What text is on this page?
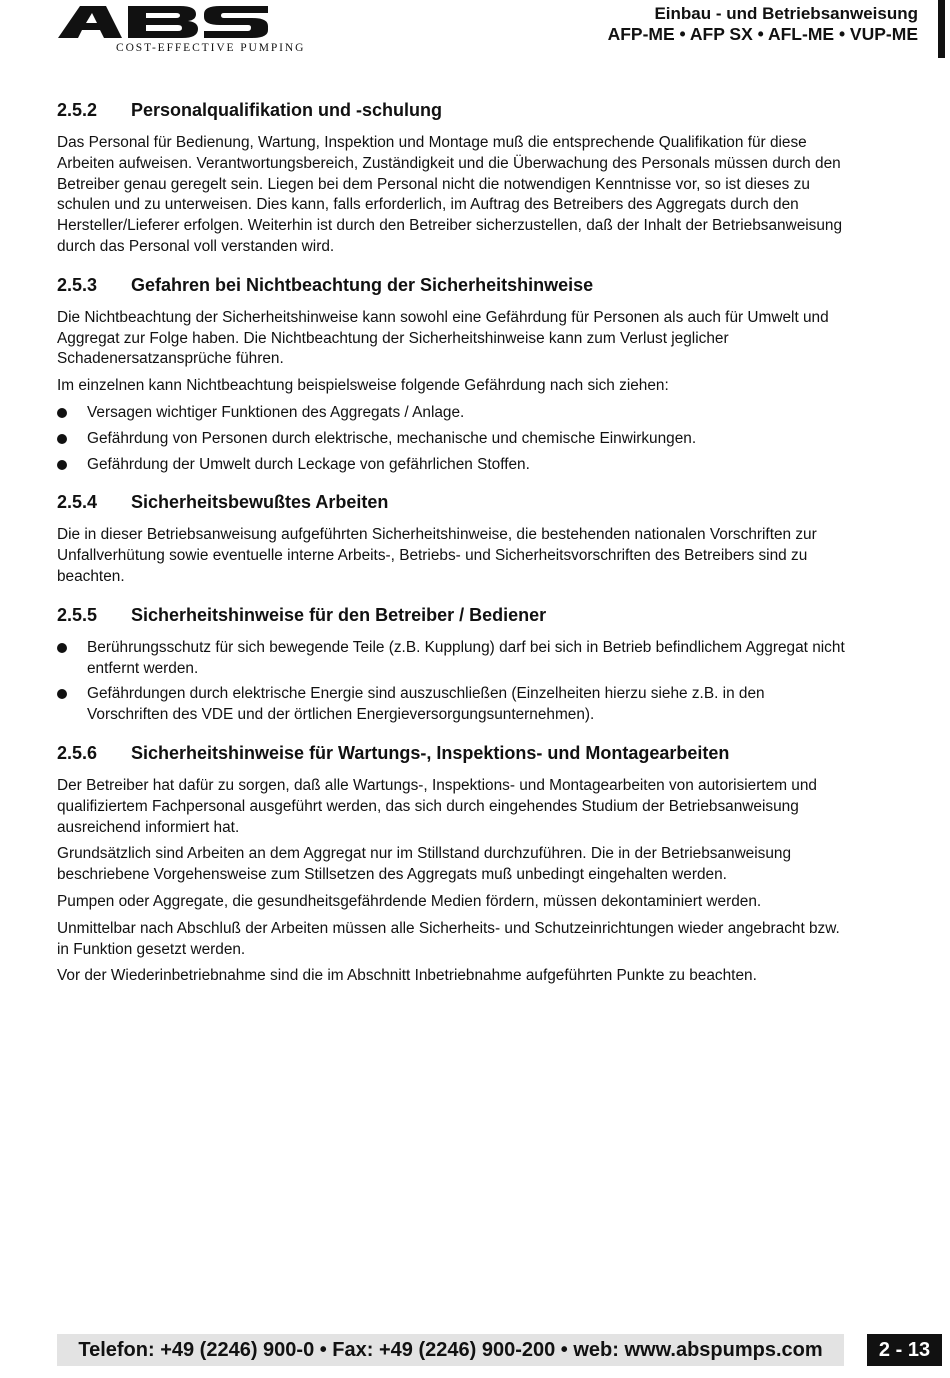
COST-EFFECTIVE PUMPING
Einbau - und Betriebsanweisung
AFP-ME • AFP SX • AFL-ME • VUP-ME
2.5.2	Personalqualifikation und -schulung

Das Personal für Bedienung, Wartung, Inspektion und Montage muß die entsprechende Qualifikation für diese Arbeiten aufweisen. Verantwortungsbereich, Zuständigkeit und die Überwachung des Personals müssen durch den Betreiber genau geregelt sein. Liegen bei dem Personal nicht die notwendigen Kenntnisse vor, so ist dieses zu schulen und zu unterweisen. Dies kann, falls erforderlich, im Auftrag des Betreibers des Aggregats durch den Hersteller/Lieferer erfolgen. Weiterhin ist durch den Betreiber sicherzustellen, daß der Inhalt der Betriebsanweisung durch das Personal voll verstanden wird.

2.5.3	Gefahren bei Nichtbeachtung der Sicherheitshinweise

Die Nichtbeachtung der Sicherheitshinweise kann sowohl eine Gefährdung für Personen als auch für Umwelt und Aggregat zur Folge haben. Die Nichtbeachtung der Sicherheitshinweise kann zum Verlust jeglicher Schadenersatzansprüche führen.

Im einzelnen kann Nichtbeachtung beispielsweise folgende Gefährdung nach sich ziehen:

Versagen wichtiger Funktionen des Aggregats / Anlage.
Gefährdung von Personen durch elektrische, mechanische und chemische Einwirkungen.
Gefährdung der Umwelt durch Leckage von gefährlichen Stoffen.
2.5.4	Sicherheitsbewußtes Arbeiten

Die in dieser Betriebsanweisung aufgeführten Sicherheitshinweise, die bestehenden nationalen Vorschriften zur Unfallverhütung sowie eventuelle interne Arbeits-, Betriebs- und Sicherheitsvorschriften des Betreibers sind zu beachten.

2.5.5	Sicherheitshinweise für den Betreiber / Bediener
Berührungsschutz für sich bewegende Teile (z.B. Kupplung) darf bei sich in Betrieb befindlichem Aggregat nicht entfernt werden.
Gefährdungen durch elektrische Energie sind auszuschließen (Einzelheiten hierzu siehe z.B. in den Vorschriften des VDE und der örtlichen Energieversorgungsunternehmen).
2.5.6	Sicherheitshinweise für Wartungs-, Inspektions- und Montagearbeiten

Der Betreiber hat dafür zu sorgen, daß alle Wartungs-, Inspektions- und Montagearbeiten von autorisiertem und qualifiziertem Fachpersonal ausgeführt werden, das sich durch eingehendes Studium der Betriebsanweisung ausreichend informiert hat.

Grundsätzlich sind Arbeiten an dem Aggregat nur im Stillstand durchzuführen. Die in der Betriebsanweisung beschriebene Vorgehensweise zum Stillsetzen des Aggregats muß unbedingt eingehalten werden.

Pumpen oder Aggregate, die gesundheitsgefährdende Medien fördern, müssen dekontaminiert werden.

Unmittelbar nach Abschluß der Arbeiten müssen alle Sicherheits- und Schutzeinrichtungen wieder angebracht bzw. in Funktion gesetzt werden.

Vor der Wiederinbetriebnahme sind die im Abschnitt Inbetriebnahme aufgeführten Punkte zu beachten.

Telefon: +49 (2246) 900-0 • Fax: +49 (2246) 900-200 • web: www.abspumps.com	2 - 13
